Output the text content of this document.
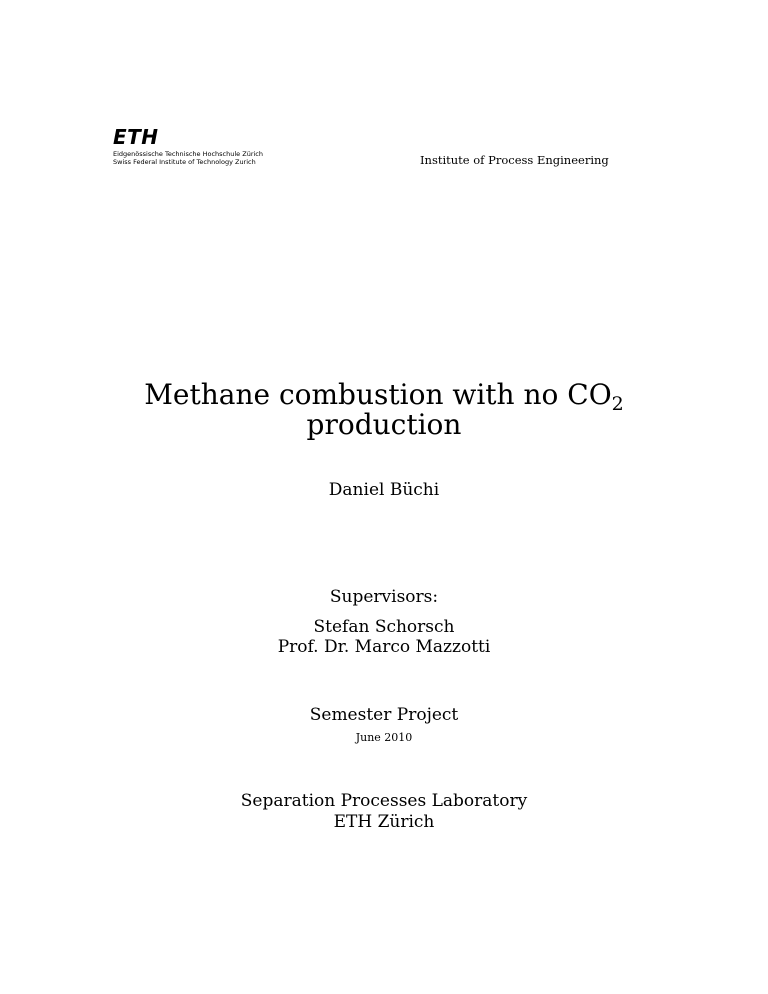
ETH
Eidgenössische Technische Hochschule Zürich
Swiss Federal Institute of Technology Zurich	Institute of Process Engineering
Methane combustion with no $CO_2$
production
Daniel Büchi
Supervisors:
Stefan Schorsch
Prof. Dr. Marco Mazzotti
Semester Project
June 2010
Separation Processes Laboratory
ETH Zürich
